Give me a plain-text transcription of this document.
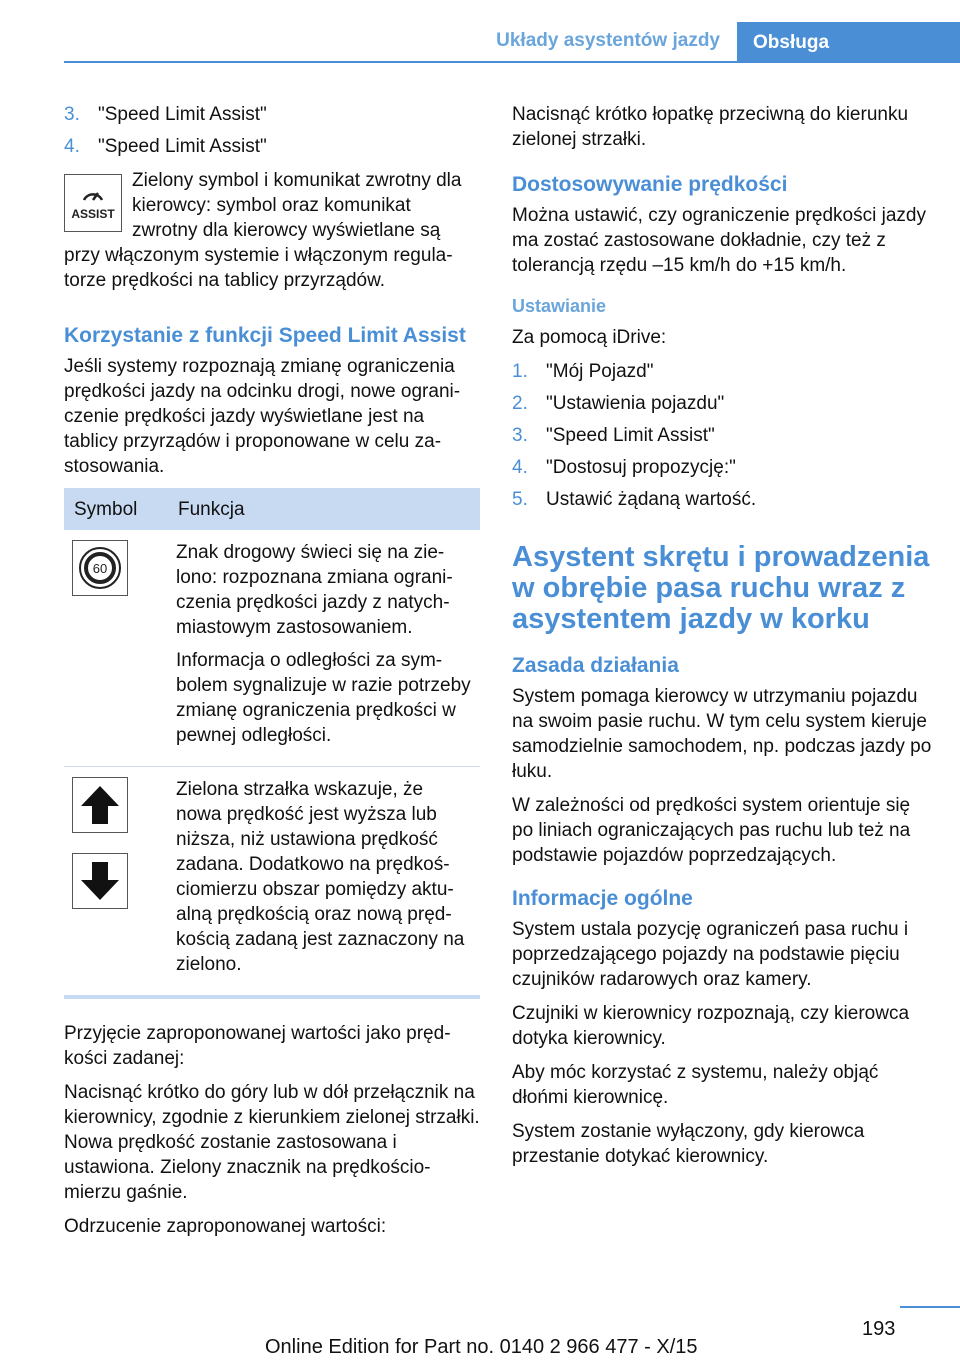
Układy asystentów jazdy	Obsługa
3. "Speed Limit Assist"
4. "Speed Limit Assist"
ASSIST

Zielony symbol i komunikat zwrotny dla kierowcy: symbol oraz komunikat zwrotny dla kierowcy wyświetlane są przy włączonym systemie i włączonym regulatorze prędkości na tablicy przyrządów.

Korzystanie z funkcji Speed Limit Assist

Jeśli systemy rozpoznają zmianę ograniczenia prędkości jazdy na odcinku drogi, nowe ograniczenie prędkości jazdy wyświetlane jest na tablicy przyrządów i proponowane w celu zastosowania.

Symbol	Funkcja

60	Znak drogowy świeci się na zielono: rozpoznana zmiana ograniczenia prędkości jazdy z natychmiastowym zastosowaniem.

Informacja o odległości za symbolem sygnalizuje w razie potrzeby zmianę ograniczenia prędkości w pewnej odległości.

Zielona strzałka wskazuje, że nowa prędkość jest wyższa lub niższa, niż ustawiona prędkość zadana. Dodatkowo na prędkościomierzu obszar pomiędzy aktualną prędkością oraz nową prędkością zadaną jest zaznaczony na zielono.

Przyjęcie zaproponowanej wartości jako prędkości zadanej:

Nacisnąć krótko do góry lub w dół przełącznik na kierownicy, zgodnie z kierunkiem zielonej strzałki. Nowa prędkość zostanie zastosowana i ustawiona. Zielony znacznik na prędkościomierzu gaśnie.

Odrzucenie zaproponowanej wartości:

Nacisnąć krótko łopatkę przeciwną do kierunku zielonej strzałki.

Dostosowywanie prędkości

Można ustawić, czy ograniczenie prędkości jazdy ma zostać zastosowane dokładnie, czy też z tolerancją rzędu –15 km/h do +15 km/h.

Ustawianie

Za pomocą iDrive:

1. "Mój Pojazd"
2. "Ustawienia pojazdu"
3. "Speed Limit Assist"
4. "Dostosuj propozycję:"
5. Ustawić żądaną wartość.
Asystent skrętu i prowadzenia w obrębie pasa ruchu wraz z asystentem jazdy w korku
Zasada działania

System pomaga kierowcy w utrzymaniu pojazdu na swoim pasie ruchu. W tym celu system kieruje samodzielnie samochodem, np. podczas jazdy po łuku.

W zależności od prędkości system orientuje się po liniach ograniczających pas ruchu lub też na podstawie pojazdów poprzedzających.

Informacje ogólne

System ustala pozycję ograniczeń pasa ruchu i poprzedzającego pojazdy na podstawie pięciu czujników radarowych oraz kamery.

Czujniki w kierownicy rozpoznają, czy kierowca dotyka kierownicy.

Aby móc korzystać z systemu, należy objąć dłońmi kierownicę.

System zostanie wyłączony, gdy kierowca przestanie dotykać kierownicy.

193
Online Edition for Part no. 0140 2 966 477 - X/15
